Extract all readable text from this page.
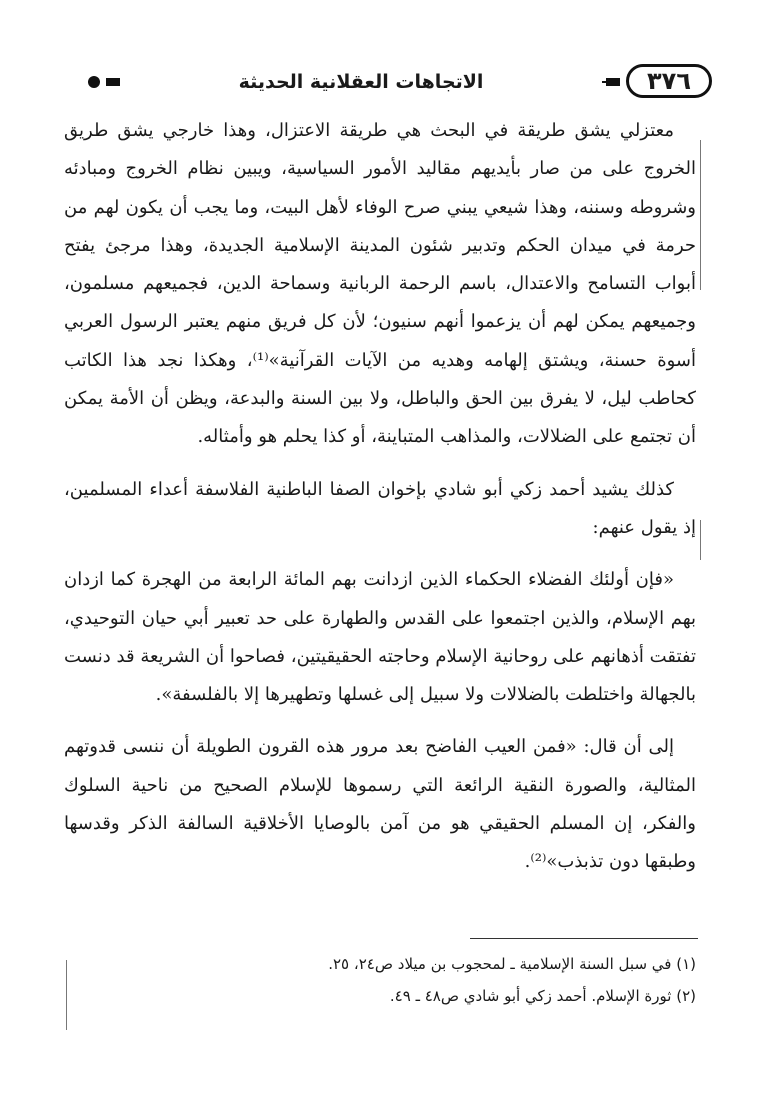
الاتجاهات العقلانية الحديثة	٣٧٦

معتزلي يشق طريقة في البحث هي طريقة الاعتزال، وهذا خارجي يشق طريق الخروج على من صار بأيديهم مقاليد الأمور السياسية، ويبين نظام الخروج ومبادئه وشروطه وسننه، وهذا شيعي يبني صرح الوفاء لأهل البيت، وما يجب أن يكون لهم من حرمة في ميدان الحكم وتدبير شئون المدينة الإسلامية الجديدة، وهذا مرجئ يفتح أبواب التسامح والاعتدال، باسم الرحمة الربانية وسماحة الدين، فجميعهم مسلمون، وجميعهم يمكن لهم أن يزعموا أنهم سنيون؛ لأن كل فريق منهم يعتبر الرسول العربي أسوة حسنة، ويشتق إلهامه وهديه من الآيات القرآنية»⁽¹⁾، وهكذا نجد هذا الكاتب كحاطب ليل، لا يفرق بين الحق والباطل، ولا بين السنة والبدعة، ويظن أن الأمة يمكن أن تجتمع على الضلالات، والمذاهب المتباينة، أو كذا يحلم هو وأمثاله.

كذلك يشيد أحمد زكي أبو شادي بإخوان الصفا الباطنية الفلاسفة أعداء المسلمين، إذ يقول عنهم:

«فإن أولئك الفضلاء الحكماء الذين ازدانت بهم المائة الرابعة من الهجرة كما ازدان بهم الإسلام، والذين اجتمعوا على القدس والطهارة على حد تعبير أبي حيان التوحيدي، تفتقت أذهانهم على روحانية الإسلام وحاجته الحقيقيتين، فصاحوا أن الشريعة قد دنست بالجهالة واختلطت بالضلالات ولا سبيل إلى غسلها وتطهيرها إلا بالفلسفة».

إلى أن قال: «فمن العيب الفاضح بعد مرور هذه القرون الطويلة أن ننسى قدوتهم المثالية، والصورة النقية الرائعة التي رسموها للإسلام الصحيح من ناحية السلوك والفكر، إن المسلم الحقيقي هو من آمن بالوصايا الأخلاقية السالفة الذكر وقدسها وطبقها دون تذبذب»⁽²⁾.

(١) في سبل السنة الإسلامية ـ لمحجوب بن ميلاد ص٢٤، ٢٥.
(٢) ثورة الإسلام. أحمد زكي أبو شادي ص٤٨ ـ ٤٩.
